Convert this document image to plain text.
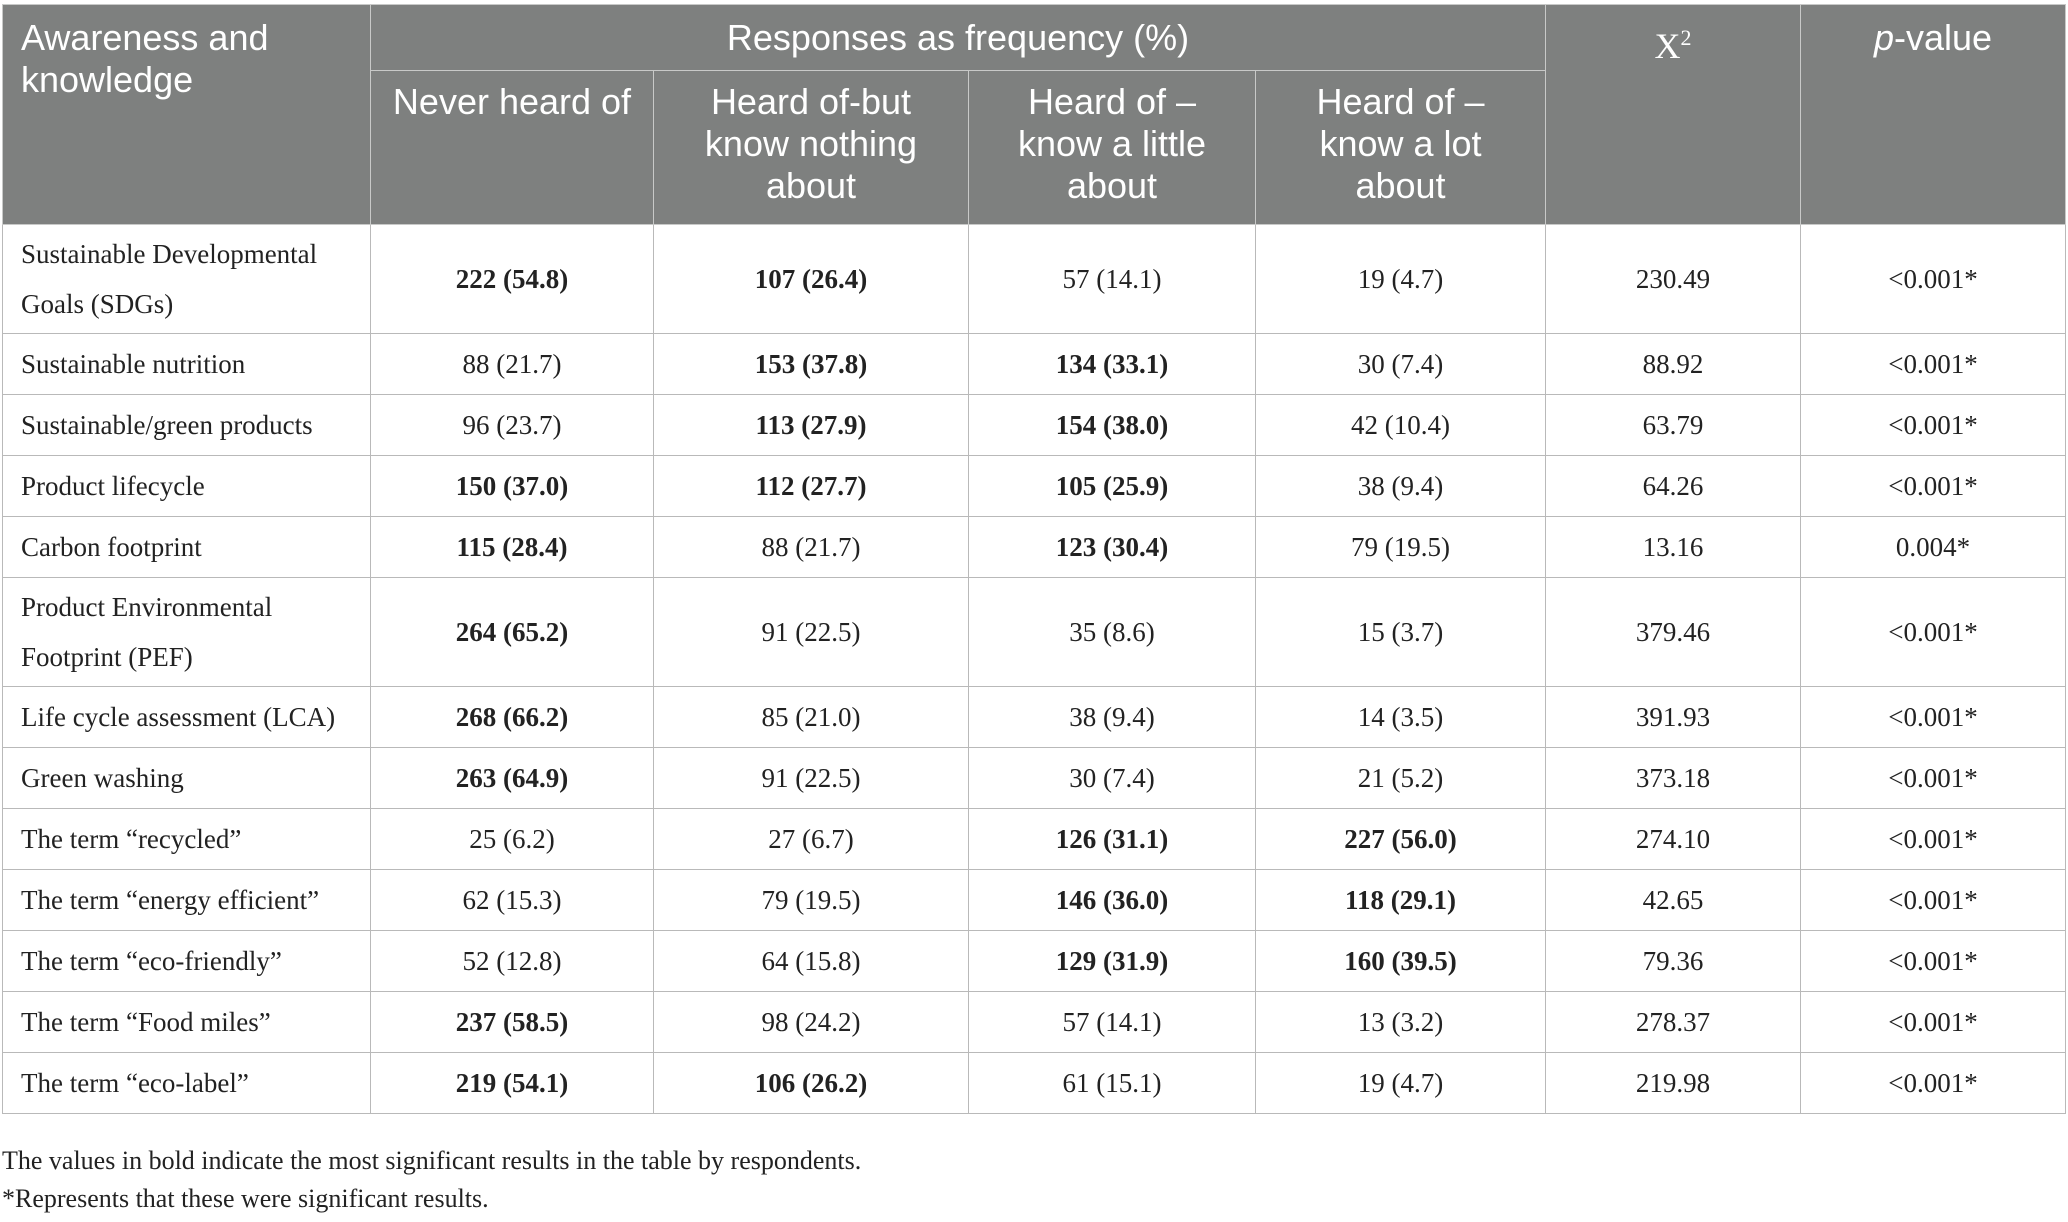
Awareness and knowledge	Responses as frequency (%)				$X^2$	p-value
	Never heard of	Heard of-but know nothing about	Heard of – know a little about	Heard of – know a lot about		
Sustainable Developmental Goals (SDGs)	222 (54.8)	107 (26.4)	57 (14.1)	19 (4.7)	230.49	<0.001*
Sustainable nutrition	88 (21.7)	153 (37.8)	134 (33.1)	30 (7.4)	88.92	<0.001*
Sustainable/green products	96 (23.7)	113 (27.9)	154 (38.0)	42 (10.4)	63.79	<0.001*
Product lifecycle	150 (37.0)	112 (27.7)	105 (25.9)	38 (9.4)	64.26	<0.001*
Carbon footprint	115 (28.4)	88 (21.7)	123 (30.4)	79 (19.5)	13.16	0.004*
Product Environmental Footprint (PEF)	264 (65.2)	91 (22.5)	35 (8.6)	15 (3.7)	379.46	<0.001*
Life cycle assessment (LCA)	268 (66.2)	85 (21.0)	38 (9.4)	14 (3.5)	391.93	<0.001*
Green washing	263 (64.9)	91 (22.5)	30 (7.4)	21 (5.2)	373.18	<0.001*
The term “recycled”	25 (6.2)	27 (6.7)	126 (31.1)	227 (56.0)	274.10	<0.001*
The term “energy efficient”	62 (15.3)	79 (19.5)	146 (36.0)	118 (29.1)	42.65	<0.001*
The term “eco-friendly”	52 (12.8)	64 (15.8)	129 (31.9)	160 (39.5)	79.36	<0.001*
The term “Food miles”	237 (58.5)	98 (24.2)	57 (14.1)	13 (3.2)	278.37	<0.001*
The term “eco-label”	219 (54.1)	106 (26.2)	61 (15.1)	19 (4.7)	219.98	<0.001*
The values in bold indicate the most significant results in the table by respondents.
*Represents that these were significant results.
